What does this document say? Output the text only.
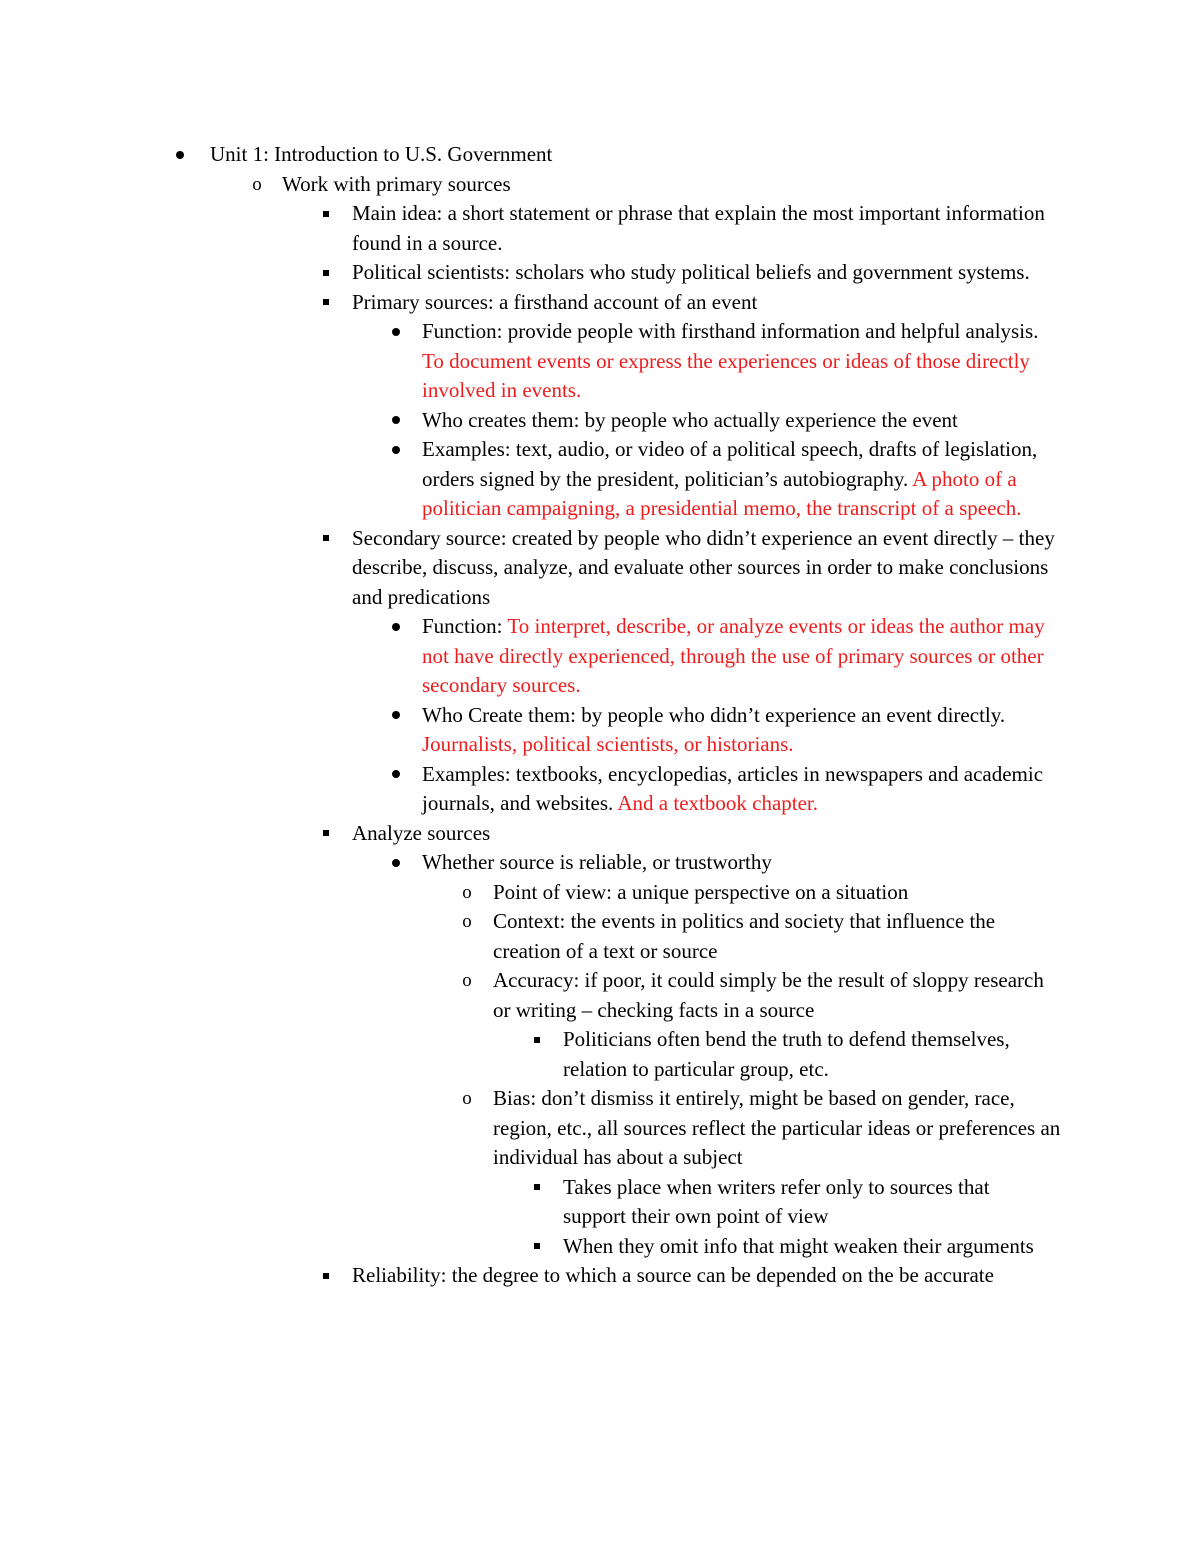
Unit 1: Introduction to U.S. Government
o Work with primary sources
Main idea: a short statement or phrase that explain the most important information found in a source.
Political scientists: scholars who study political beliefs and government systems.
Primary sources: a firsthand account of an event
Function: provide people with firsthand information and helpful analysis. To document events or express the experiences or ideas of those directly involved in events.
Who creates them: by people who actually experience the event
Examples: text, audio, or video of a political speech, drafts of legislation, orders signed by the president, politician’s autobiography. A photo of a politician campaigning, a presidential memo, the transcript of a speech.
Secondary source: created by people who didn’t experience an event directly – they describe, discuss, analyze, and evaluate other sources in order to make conclusions and predications
Function: To interpret, describe, or analyze events or ideas the author may not have directly experienced, through the use of primary sources or other secondary sources.
Who Create them: by people who didn’t experience an event directly. Journalists, political scientists, or historians.
Examples: textbooks, encyclopedias, articles in newspapers and academic journals, and websites. And a textbook chapter.
Analyze sources
Whether source is reliable, or trustworthy
o Point of view: a unique perspective on a situation
o Context: the events in politics and society that influence the creation of a text or source
o Accuracy: if poor, it could simply be the result of sloppy research or writing – checking facts in a source
Politicians often bend the truth to defend themselves, relation to particular group, etc.
o Bias: don’t dismiss it entirely, might be based on gender, race, region, etc., all sources reflect the particular ideas or preferences an individual has about a subject
Takes place when writers refer only to sources that support their own point of view
When they omit info that might weaken their arguments
Reliability: the degree to which a source can be depended on the be accurate
